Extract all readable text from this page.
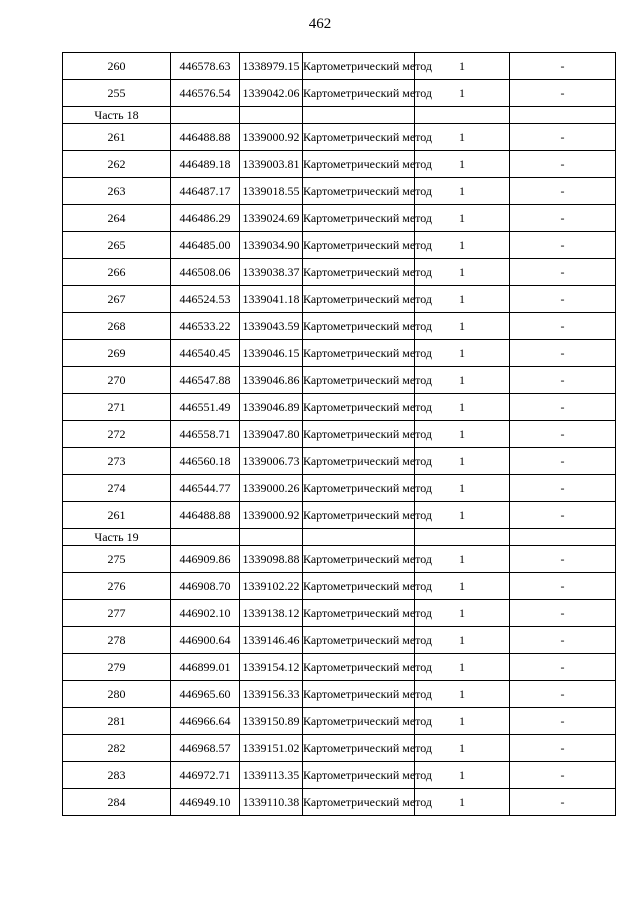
462
260	446578.63	1338979.15	Картометрический метод	1	-
255	446576.54	1339042.06	Картометрический метод	1	-
Часть 18					
261	446488.88	1339000.92	Картометрический метод	1	-
262	446489.18	1339003.81	Картометрический метод	1	-
263	446487.17	1339018.55	Картометрический метод	1	-
264	446486.29	1339024.69	Картометрический метод	1	-
265	446485.00	1339034.90	Картометрический метод	1	-
266	446508.06	1339038.37	Картометрический метод	1	-
267	446524.53	1339041.18	Картометрический метод	1	-
268	446533.22	1339043.59	Картометрический метод	1	-
269	446540.45	1339046.15	Картометрический метод	1	-
270	446547.88	1339046.86	Картометрический метод	1	-
271	446551.49	1339046.89	Картометрический метод	1	-
272	446558.71	1339047.80	Картометрический метод	1	-
273	446560.18	1339006.73	Картометрический метод	1	-
274	446544.77	1339000.26	Картометрический метод	1	-
261	446488.88	1339000.92	Картометрический метод	1	-
Часть 19					
275	446909.86	1339098.88	Картометрический метод	1	-
276	446908.70	1339102.22	Картометрический метод	1	-
277	446902.10	1339138.12	Картометрический метод	1	-
278	446900.64	1339146.46	Картометрический метод	1	-
279	446899.01	1339154.12	Картометрический метод	1	-
280	446965.60	1339156.33	Картометрический метод	1	-
281	446966.64	1339150.89	Картометрический метод	1	-
282	446968.57	1339151.02	Картометрический метод	1	-
283	446972.71	1339113.35	Картометрический метод	1	-
284	446949.10	1339110.38	Картометрический метод	1	-
